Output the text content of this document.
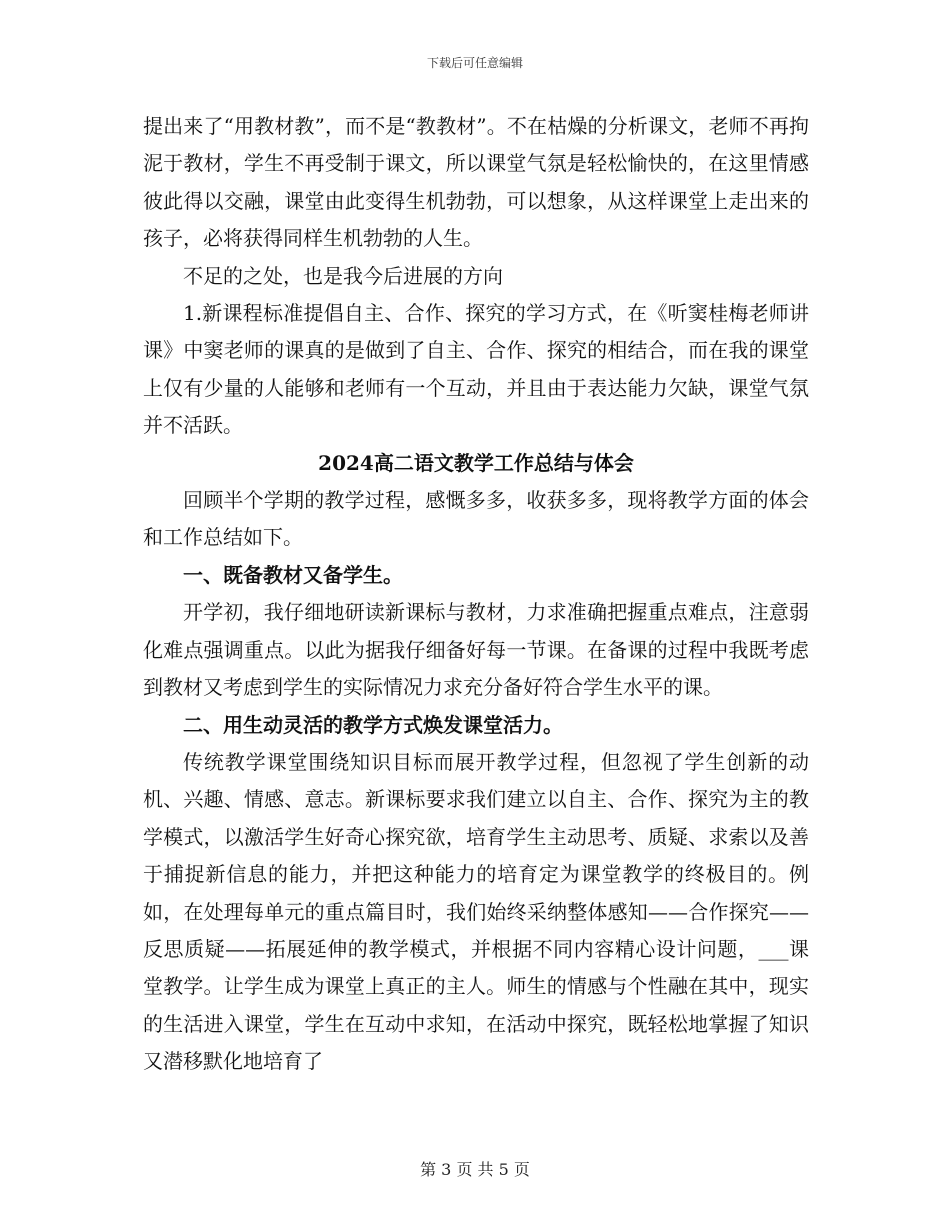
下载后可任意编辑

提出来了“用教材教”，而不是“教教材”。不在枯燥的分析课文，老师不再拘泥于教材，学生不再受制于课文，所以课堂气氛是轻松愉快的，在这里情感彼此得以交融，课堂由此变得生机勃勃，可以想象，从这样课堂上走出来的孩子，必将获得同样生机勃勃的人生。

不足的之处，也是我今后进展的方向

1.新课程标准提倡自主、合作、探究的学习方式，在《听窦桂梅老师讲课》中窦老师的课真的是做到了自主、合作、探究的相结合，而在我的课堂上仅有少量的人能够和老师有一个互动，并且由于表达能力欠缺，课堂气氛并不活跃。

2024高二语文教学工作总结与体会

回顾半个学期的教学过程，感慨多多，收获多多，现将教学方面的体会和工作总结如下。

一、既备教材又备学生。

开学初，我仔细地研读新课标与教材，力求准确把握重点难点，注意弱化难点强调重点。以此为据我仔细备好每一节课。在备课的过程中我既考虑到教材又考虑到学生的实际情况力求充分备好符合学生水平的课。

二、用生动灵活的教学方式焕发课堂活力。

传统教学课堂围绕知识目标而展开教学过程，但忽视了学生创新的动机、兴趣、情感、意志。新课标要求我们建立以自主、合作、探究为主的教学模式，以激活学生好奇心探究欲，培育学生主动思考、质疑、求索以及善于捕捉新信息的能力，并把这种能力的培育定为课堂教学的终极目的。例如，在处理每单元的重点篇目时，我们始终采纳整体感知——合作探究——反思质疑——拓展延伸的教学模式，并根据不同内容精心设计问题，___课堂教学。让学生成为课堂上真正的主人。师生的情感与个性融在其中，现实的生活进入课堂，学生在互动中求知，在活动中探究，既轻松地掌握了知识又潜移默化地培育了

第 3 页 共 5 页
